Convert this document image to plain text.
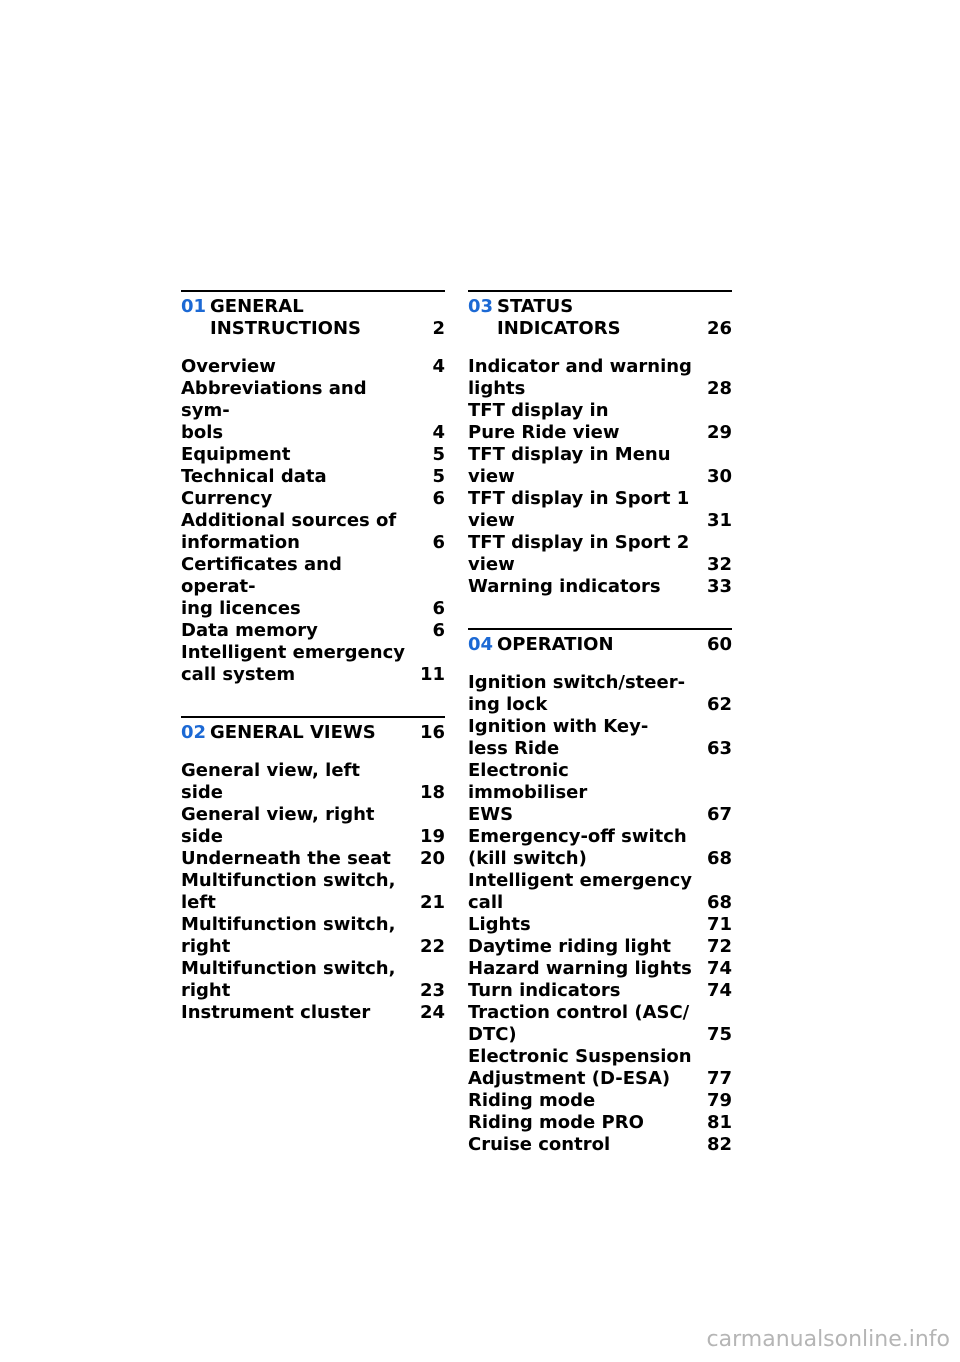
01 GENERAL
INSTRUCTIONS	2
Overview	4
Abbreviations and sym-
bols	4
Equipment	5
Technical data	5
Currency	6
Additional sources of
information	6
Certificates and operat-
ing licences	6
Data memory	6
Intelligent emergency
call system	11
02 GENERAL VIEWS	16
General view, left side	18
General view, right
side	19
Underneath the seat	20
Multifunction switch,
left	21
Multifunction switch,
right	22
Multifunction switch,
right	23
Instrument cluster	24
03 STATUS
INDICATORS	26
Indicator and warning
lights	28
TFT display in
Pure Ride view	29
TFT display in Menu
view	30
TFT display in Sport 1
view	31
TFT display in Sport 2
view	32
Warning indicators	33
04 OPERATION	60
Ignition switch/steer-
ing lock	62
Ignition with Key-
less Ride	63
Electronic immobiliser
EWS	67
Emergency-off switch
(kill switch)	68
Intelligent emergency
call	68
Lights	71
Daytime riding light	72
Hazard warning lights 74
Turn indicators	74
Traction control (ASC/
DTC)	75
Electronic Suspension
Adjustment (D-ESA)	77
Riding mode	79
Riding mode PRO	81
Cruise control	82
carmanualsonline.info
